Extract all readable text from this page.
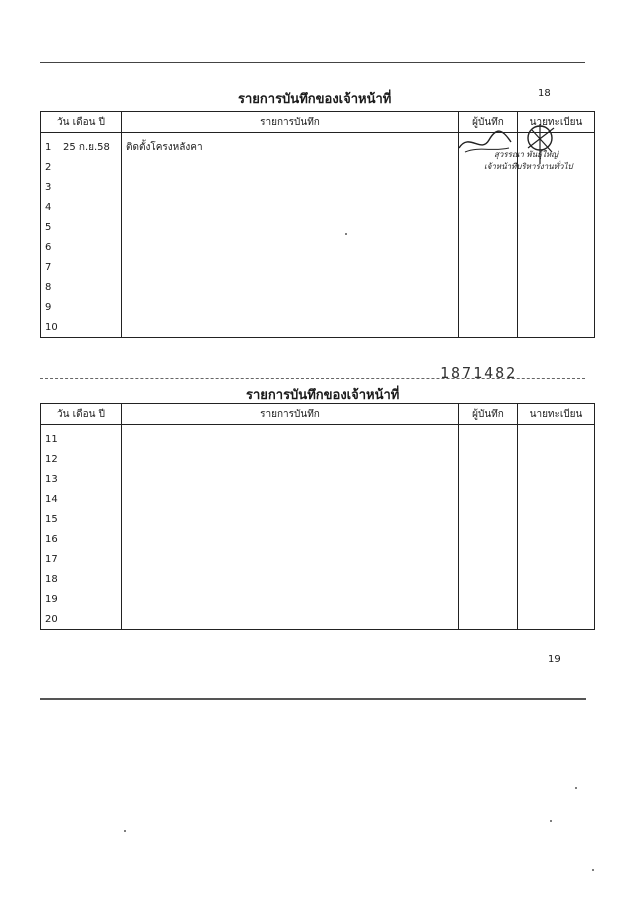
18
รายการบันทึกของเจ้าหน้าที่
วัน เดือน ปี	รายการบันทึก	ผู้บันทึก	นายทะเบียน
1 25 ก.ย.58	ติดตั้งโครงหลังคา		
2			
3			
4			
5			
6			
7			
8			
9			
10			
สุวรรณา พันธุ์ใหญ่
เจ้าหน้าที่บริหารงานทั่วไป
1871482
รายการบันทึกของเจ้าหน้าที่
วัน เดือน ปี	รายการบันทึก	ผู้บันทึก	นายทะเบียน
11			
12			
13			
14			
15			
16			
17			
18			
19			
20			
19
